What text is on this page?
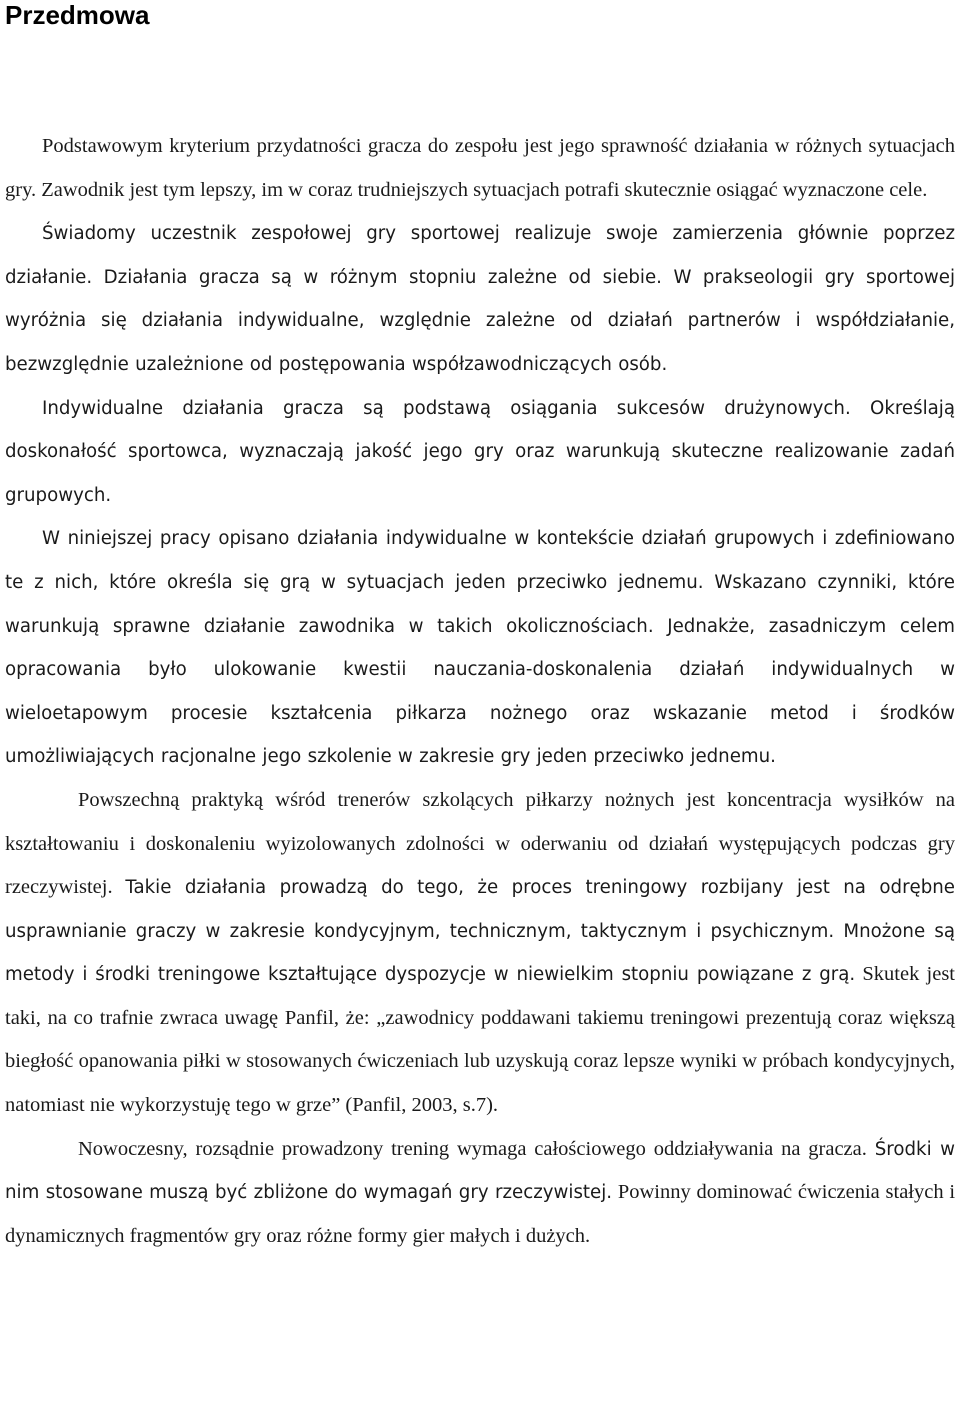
Przedmowa

Podstawowym kryterium przydatności gracza do zespołu jest jego sprawność działania w różnych sytuacjach gry. Zawodnik jest tym lepszy, im w coraz trudniejszych sytuacjach potrafi skutecznie osiągać wyznaczone cele.

Świadomy uczestnik zespołowej gry sportowej realizuje swoje zamierzenia głównie poprzez działanie. Działania gracza są w różnym stopniu zależne od siebie. W prakseologii gry sportowej wyróżnia się działania indywidualne, względnie zależne od działań partnerów i współdziałanie, bezwzględnie uzależnione od postępowania współzawodniczących osób.

Indywidualne działania gracza są podstawą osiągania sukcesów drużynowych. Określają doskonałość sportowca, wyznaczają jakość jego gry oraz warunkują skuteczne realizowanie zadań grupowych.

W niniejszej pracy opisano działania indywidualne w kontekście działań grupowych i zdefiniowano te z nich, które określa się grą w sytuacjach jeden przeciwko jednemu. Wskazano czynniki, które warunkują sprawne działanie zawodnika w takich okolicznościach. Jednakże, zasadniczym celem opracowania było ulokowanie kwestii nauczania-doskonalenia działań indywidualnych w wieloetapowym procesie kształcenia piłkarza nożnego oraz wskazanie metod i środków umożliwiających racjonalne jego szkolenie w zakresie gry jeden przeciwko jednemu.

Powszechną praktyką wśród trenerów szkolących piłkarzy nożnych jest koncentracja wysiłków na kształtowaniu i doskonaleniu wyizolowanych zdolności w oderwaniu od działań występujących podczas gry rzeczywistej. Takie działania prowadzą do tego, że proces treningowy rozbijany jest na odrębne usprawnianie graczy w zakresie kondycyjnym, technicznym, taktycznym i psychicznym. Mnożone są metody i środki treningowe kształtujące dyspozycje w niewielkim stopniu powiązane z grą. Skutek jest taki, na co trafnie zwraca uwagę Panfil, że: „zawodnicy poddawani takiemu treningowi prezentują coraz większą biegłość opanowania piłki w stosowanych ćwiczeniach lub uzyskują coraz lepsze wyniki w próbach kondycyjnych, natomiast nie wykorzystuję tego w grze” (Panfil, 2003, s.7).

Nowoczesny, rozsądnie prowadzony trening wymaga całościowego oddziaływania na gracza. Środki w nim stosowane muszą być zbliżone do wymagań gry rzeczywistej. Powinny dominować ćwiczenia stałych i dynamicznych fragmentów gry oraz różne formy gier małych i dużych.
